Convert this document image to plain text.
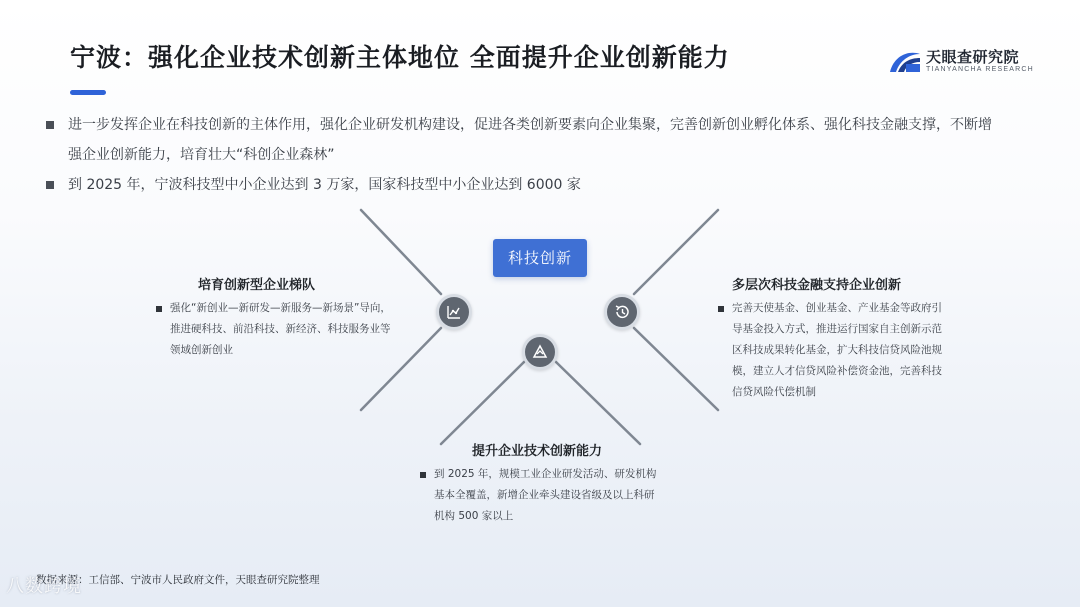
宁波：强化企业技术创新主体地位 全面提升企业创新能力	天眼查研究院
TIANYANCHA RESEARCH
进一步发挥企业在科技创新的主体作用，强化企业研发机构建设，促进各类创新要素向企业集聚，完善创新创业孵化体系、强化科技金融支撑，不断增强企业创新能力，培育壮大“科创企业森林”
到 2025 年，宁波科技型中小企业达到 3 万家，国家科技型中小企业达到 6000 家
科技创新
培育创新型企业梯队
强化“新创业—新研发—新服务—新场景”导向，推进硬科技、前沿科技、新经济、科技服务业等领域创新创业
多层次科技金融支持企业创新
完善天使基金、创业基金、产业基金等政府引导基金投入方式，推进运行国家自主创新示范区科技成果转化基金，扩大科技信贷风险池规模，建立人才信贷风险补偿资金池，完善科技信贷风险代偿机制
提升企业技术创新能力
到 2025 年，规模工业企业研发活动、研发机构基本全覆盖，新增企业牵头建设省级及以上科研机构 500 家以上
数据来源：工信部、宁波市人民政府文件，天眼查研究院整理
八数跨境
